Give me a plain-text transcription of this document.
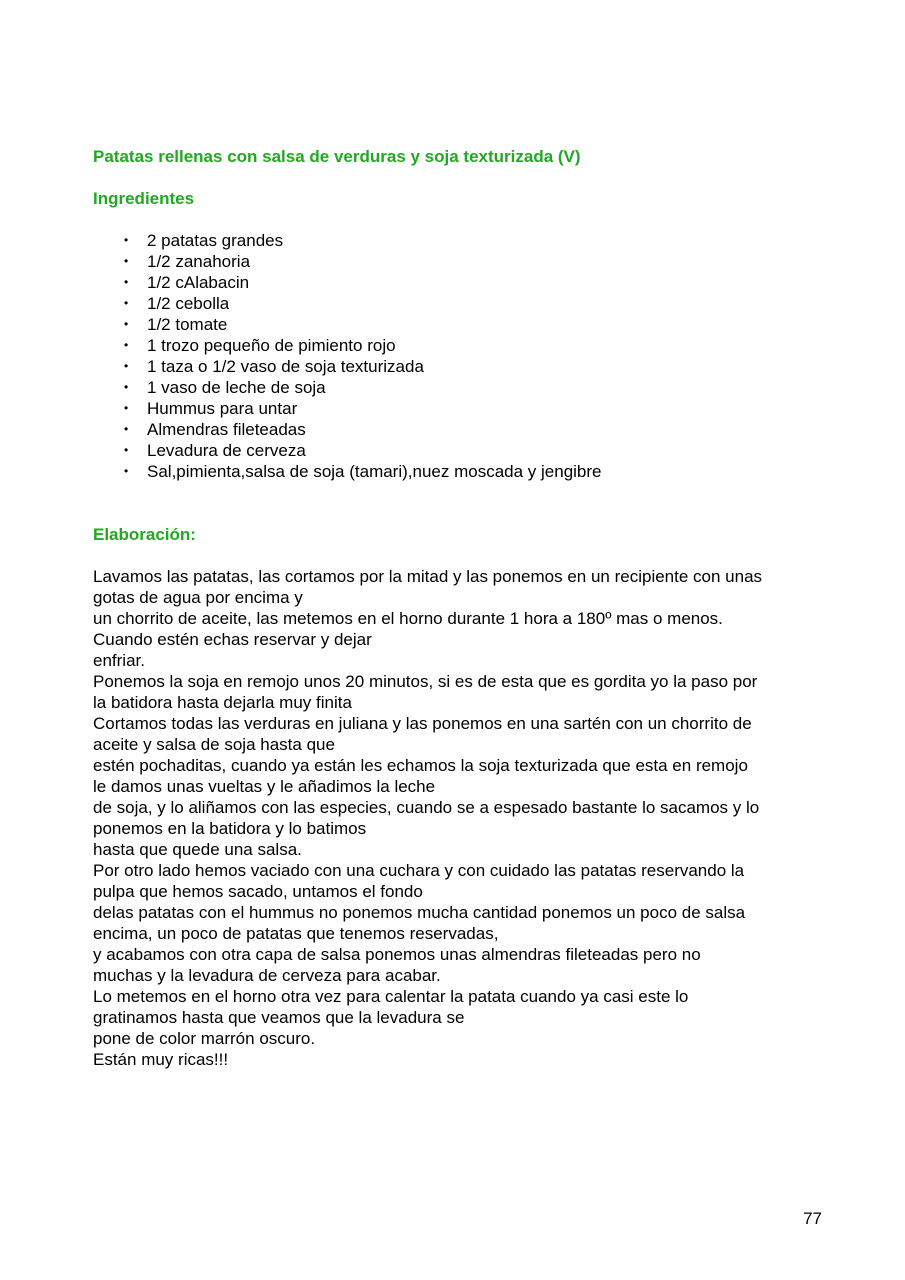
Patatas rellenas con salsa de verduras y soja texturizada (V)
Ingredientes
• 2 patatas grandes
• 1/2 zanahoria
• 1/2 cAlabacin
• 1/2 cebolla
• 1/2 tomate
• 1 trozo pequeño de pimiento rojo
• 1 taza o 1/2 vaso de soja texturizada
• 1 vaso de leche de soja
• Hummus para untar
• Almendras fileteadas
• Levadura de cerveza
• Sal,pimienta,salsa de soja (tamari),nuez moscada y jengibre
Elaboración:
Lavamos las patatas, las cortamos por la mitad y las ponemos en un recipiente con unas
gotas de agua por encima y
un chorrito de aceite, las metemos en el horno durante 1 hora a 180º mas o menos.
Cuando estén echas reservar y dejar
enfriar.
Ponemos la soja en remojo unos 20 minutos, si es de esta que es gordita yo la paso por
la batidora hasta dejarla muy finita
Cortamos todas las verduras en juliana y las ponemos en una sartén con un chorrito de
aceite y salsa de soja hasta que
estén pochaditas, cuando ya están les echamos la soja texturizada que esta en remojo
le damos unas vueltas y le añadimos la leche
de soja, y lo aliñamos con las especies, cuando se a espesado bastante lo sacamos y lo
ponemos en la batidora y lo batimos
hasta que quede una salsa.
Por otro lado hemos vaciado con una cuchara y con cuidado las patatas reservando la
pulpa que hemos sacado, untamos el fondo
delas patatas con el hummus no ponemos mucha cantidad ponemos un poco de salsa
encima, un poco de patatas que tenemos reservadas,
y acabamos con otra capa de salsa ponemos unas almendras fileteadas pero no
muchas y la levadura de cerveza para acabar.
Lo metemos en el horno otra vez para calentar la patata cuando ya casi este lo
gratinamos hasta que veamos que la levadura se
pone de color marrón oscuro.
Están muy ricas!!!
77
